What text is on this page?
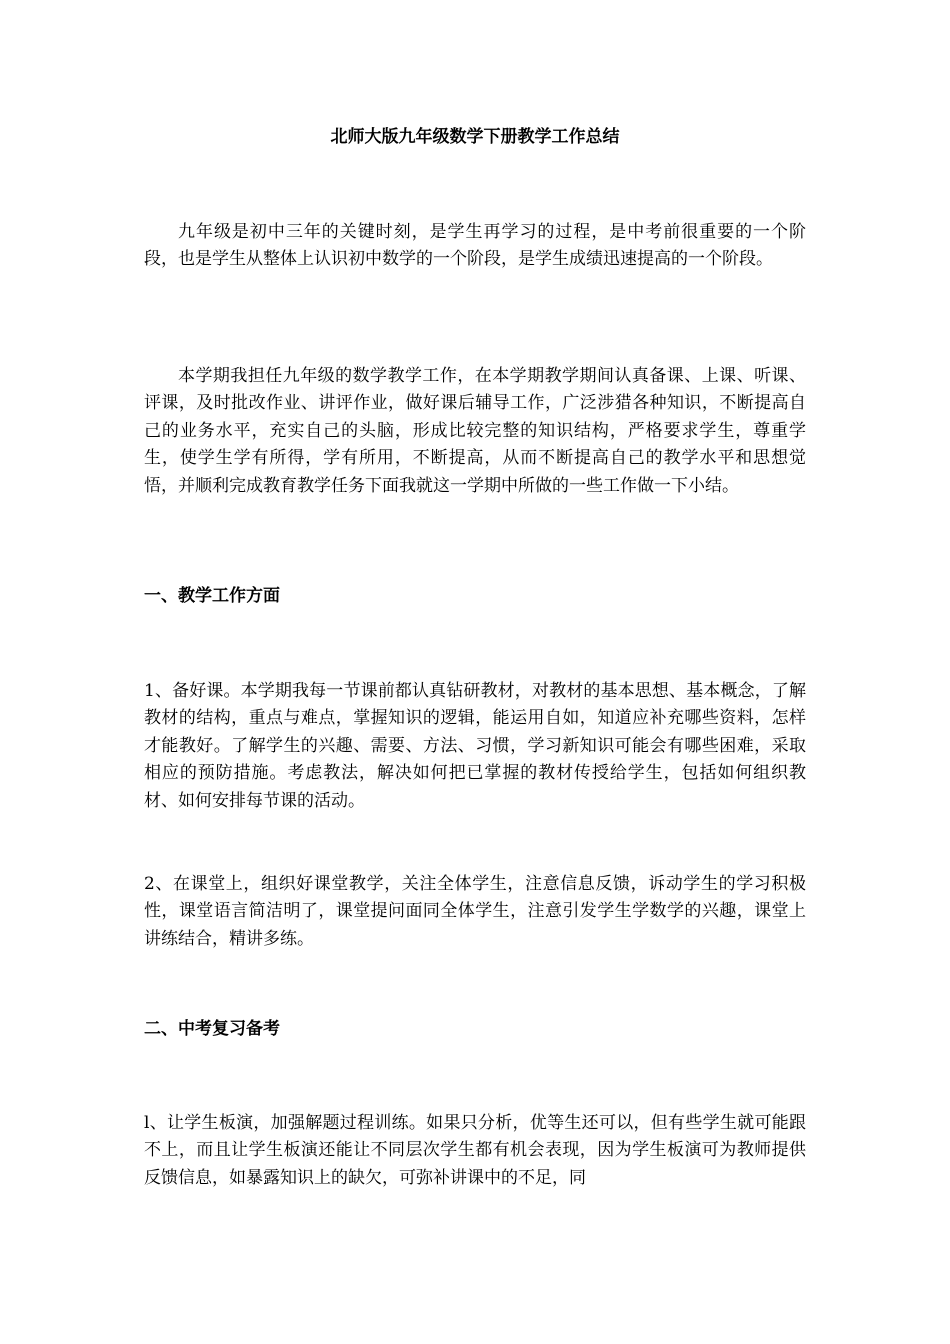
北师大版九年级数学下册教学工作总结

九年级是初中三年的关键时刻，是学生再学习的过程，是中考前很重要的一个阶段，也是学生从整体上认识初中数学的一个阶段，是学生成绩迅速提高的一个阶段。

本学期我担任九年级的数学教学工作，在本学期教学期间认真备课、上课、听课、评课，及时批改作业、讲评作业，做好课后辅导工作，广泛涉猎各种知识，不断提高自己的业务水平，充实自己的头脑，形成比较完整的知识结构，严格要求学生，尊重学生，使学生学有所得，学有所用，不断提高，从而不断提高自己的教学水平和思想觉悟，并顺利完成教育教学任务下面我就这一学期中所做的一些工作做一下小结。

一、教学工作方面

1、备好课。本学期我每一节课前都认真钻研教材，对教材的基本思想、基本概念，了解教材的结构，重点与难点，掌握知识的逻辑，能运用自如，知道应补充哪些资料，怎样才能教好。了解学生的兴趣、需要、方法、习惯，学习新知识可能会有哪些困难，采取相应的预防措施。考虑教法，解决如何把已掌握的教材传授给学生，包括如何组织教材、如何安排每节课的活动。

2、在课堂上，组织好课堂教学，关注全体学生，注意信息反馈，诉动学生的学习积极性，课堂语言简洁明了，课堂提问面同全体学生，注意引发学生学数学的兴趣，课堂上讲练结合，精讲多练。

二、中考复习备考

l、让学生板演，加强解题过程训练。如果只分析，优等生还可以，但有些学生就可能跟不上，而且让学生板演还能让不同层次学生都有机会表现，因为学生板演可为教师提供反馈信息，如暴露知识上的缺欠，可弥补讲课中的不足，同
